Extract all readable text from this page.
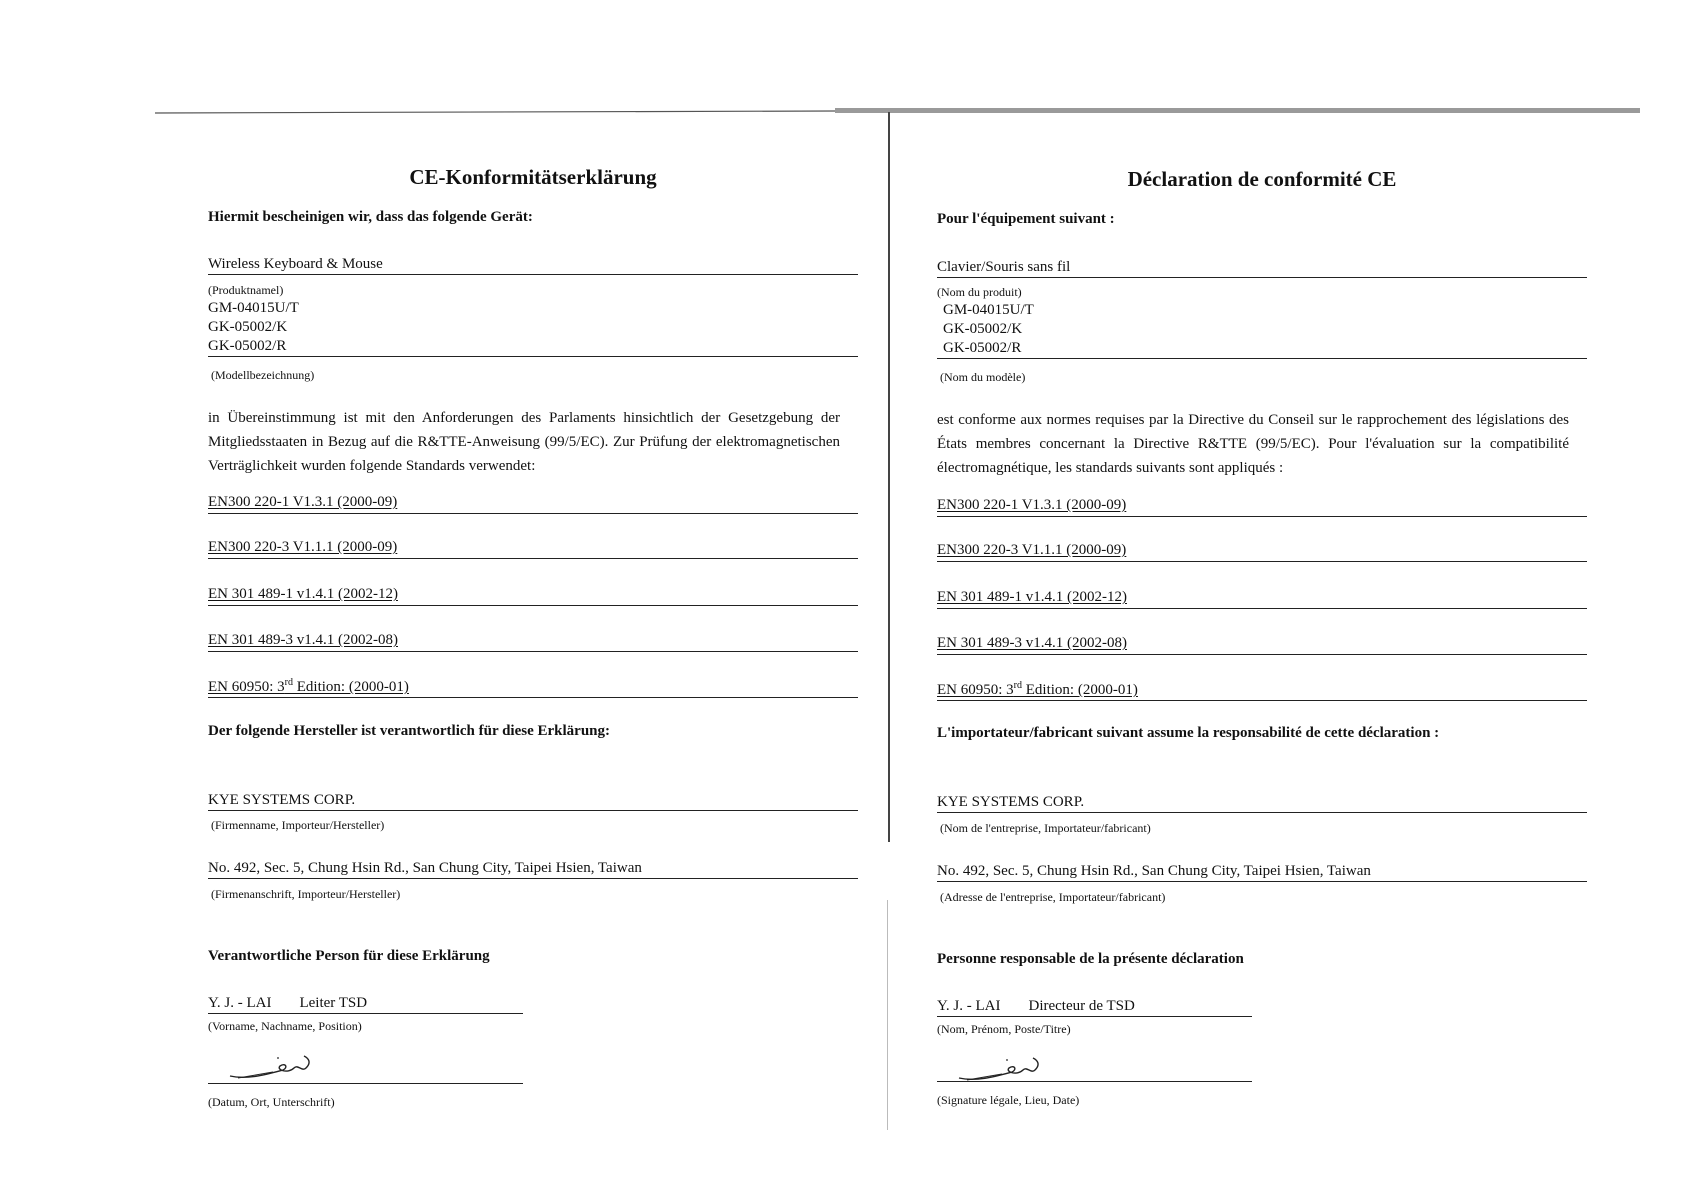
CE-Konformitätserklärung
Hiermit bescheinigen wir, dass das folgende Gerät:
Wireless Keyboard & Mouse
(Produktnamel)
GM-04015U/T
GK-05002/K
GK-05002/R
(Modellbezeichnung)
in Übereinstimmung ist mit den Anforderungen des Parlaments hinsichtlich der Gesetzgebung der Mitgliedsstaaten in Bezug auf die R&TTE-Anweisung (99/5/EC). Zur Prüfung der elektromagnetischen Verträglichkeit wurden folgende Standards verwendet:
EN300 220-1 V1.3.1 (2000-09)
EN300 220-3 V1.1.1 (2000-09)
EN 301 489-1 v1.4.1 (2002-12)
EN 301 489-3 v1.4.1 (2002-08)
EN 60950: 3rd Edition: (2000-01)
Der folgende Hersteller ist verantwortlich für diese Erklärung:
KYE SYSTEMS CORP.
(Firmenname, Importeur/Hersteller)
No. 492, Sec. 5, Chung Hsin Rd., San Chung City, Taipei Hsien, Taiwan
(Firmenanschrift, Importeur/Hersteller)
Verantwortliche Person für diese Erklärung
Y. J. - LAI Leiter TSD
(Vorname, Nachname, Position)
(Datum, Ort, Unterschrift)
Déclaration de conformité CE
Pour l'équipement suivant :
Clavier/Souris sans fil
(Nom du produit)
GM-04015U/T
GK-05002/K
GK-05002/R
(Nom du modèle)
est conforme aux normes requises par la Directive du Conseil sur le rapprochement des législations des États membres concernant la Directive R&TTE (99/5/EC). Pour l'évaluation sur la compatibilité électromagnétique, les standards suivants sont appliqués :
EN300 220-1 V1.3.1 (2000-09)
EN300 220-3 V1.1.1 (2000-09)
EN 301 489-1 v1.4.1 (2002-12)
EN 301 489-3 v1.4.1 (2002-08)
EN 60950: 3rd Edition: (2000-01)
L'importateur/fabricant suivant assume la responsabilité de cette déclaration :
KYE SYSTEMS CORP.
(Nom de l'entreprise, Importateur/fabricant)
No. 492, Sec. 5, Chung Hsin Rd., San Chung City, Taipei Hsien, Taiwan
(Adresse de l'entreprise, Importateur/fabricant)
Personne responsable de la présente déclaration
Y. J. - LAI Directeur de TSD
(Nom, Prénom, Poste/Titre)
(Signature légale, Lieu, Date)
